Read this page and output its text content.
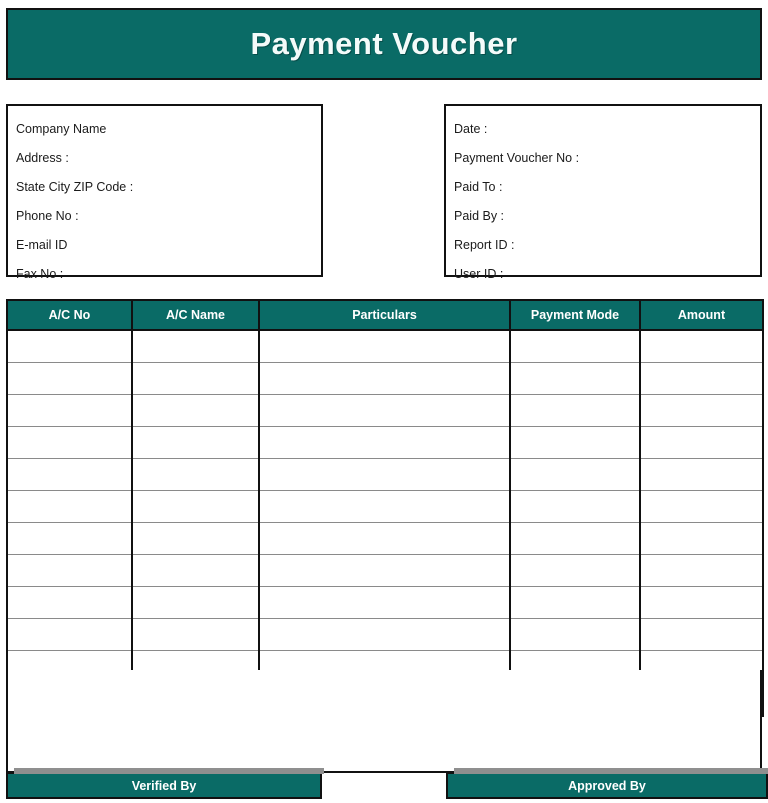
Payment Voucher
Company Name
Address :
State City ZIP Code :
Phone No :
E-mail ID
Fax No :
Date :
Payment Voucher No :
Paid To :
Paid By :
Report ID :
User ID :
A/C No	A/C Name	Particulars	Payment Mode	Amount

Verified By	Approved By
